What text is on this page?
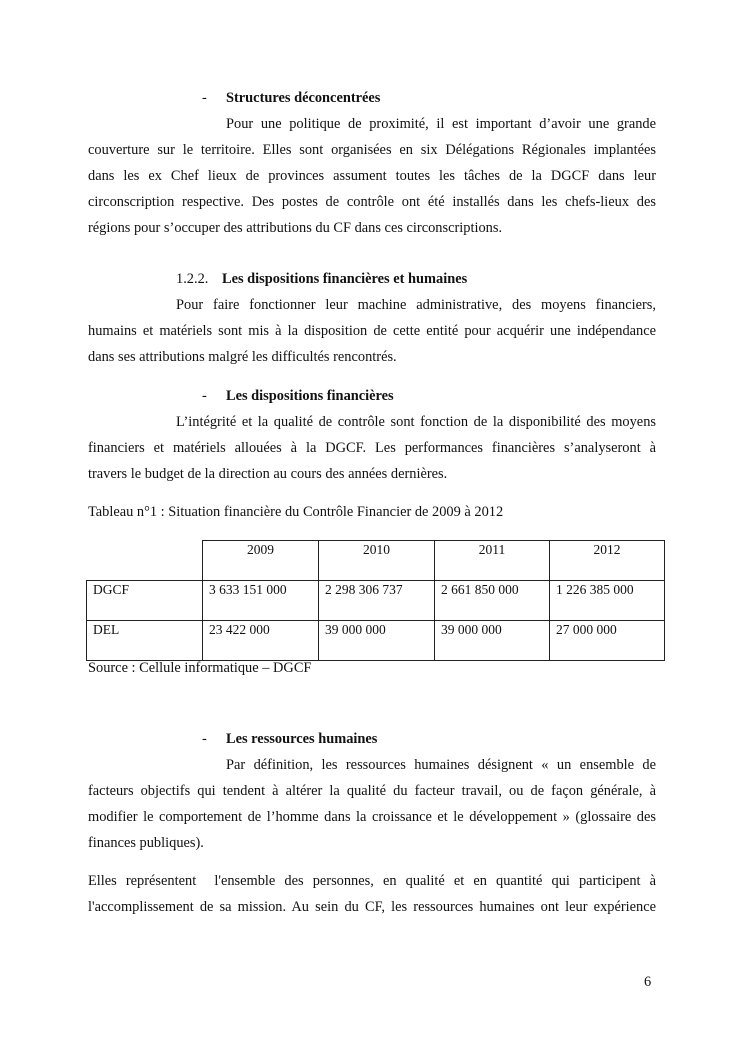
- Structures déconcentrées
Pour une politique de proximité, il est important d’avoir une grande
couverture sur le territoire. Elles sont organisées en six Délégations Régionales implantées
dans les ex Chef lieux de provinces assument toutes les tâches de la DGCF dans leur
circonscription respective. Des postes de contrôle ont été installés dans les chefs-lieux des
régions pour s’occuper des attributions du CF dans ces circonscriptions.
1.2.2. Les dispositions financières et humaines
Pour faire fonctionner leur machine administrative, des moyens financiers,
humains et matériels sont mis à la disposition de cette entité pour acquérir une indépendance
dans ses attributions malgré les difficultés rencontrés.
- Les dispositions financières
L’intégrité et la qualité de contrôle sont fonction de la disponibilité des moyens
financiers et matériels allouées à la DGCF. Les performances financières s’analyseront à
travers le budget de la direction au cours des années dernières.
Tableau n°1 : Situation financière du Contrôle Financier de 2009 à 2012
	2009	2010	2011	2012
DGCF	3 633 151 000	2 298 306 737	2 661 850 000	1 226 385 000
DEL	23 422 000	39 000 000	39 000 000	27 000 000
Source : Cellule informatique – DGCF
- Les ressources humaines
Par définition, les ressources humaines désignent « un ensemble de
facteurs objectifs qui tendent à altérer la qualité du facteur travail, ou de façon générale, à
modifier le comportement de l’homme dans la croissance et le développement » (glossaire des
finances publiques).
Elles représentent  l'ensemble des personnes, en qualité et en quantité qui participent à
l'accomplissement de sa mission. Au sein du CF, les ressources humaines ont leur expérience
6
